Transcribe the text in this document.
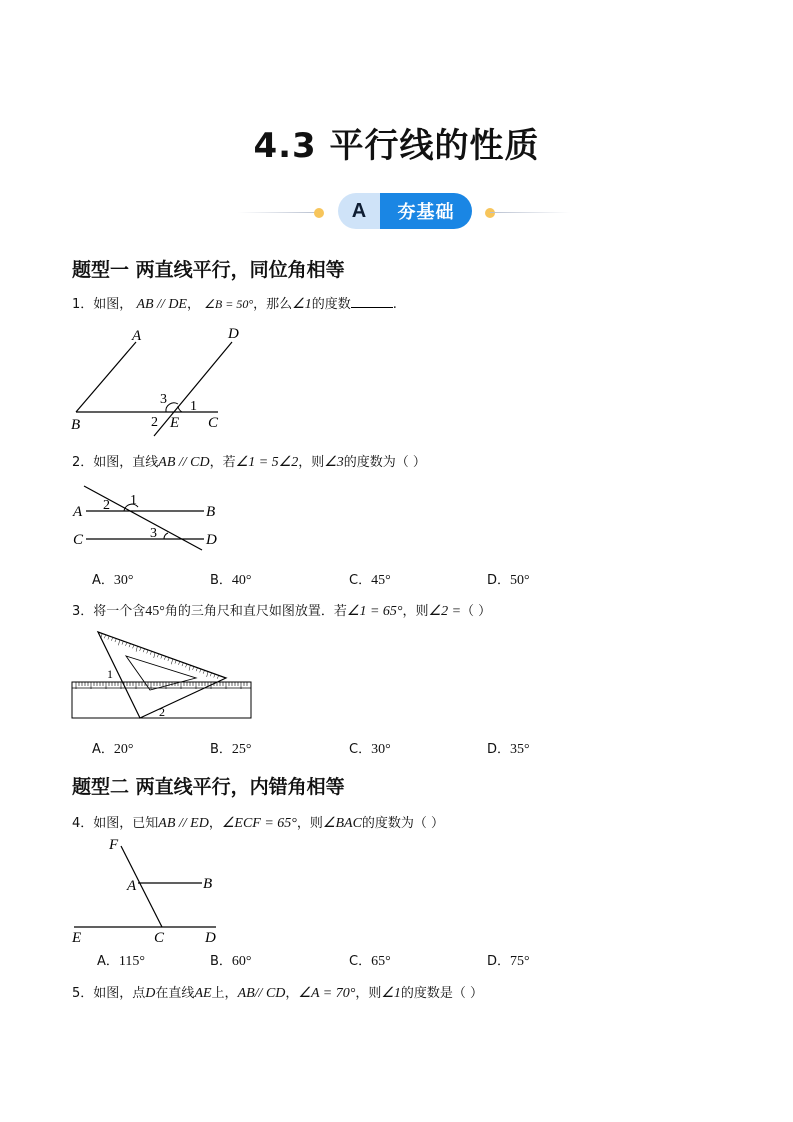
4.3 平行线的性质
A	夯基础
题型一 两直线平行，同位角相等
1．如图， AB // DE， ∠B = 50°，那么∠1的度数	.
A	D
B	E C
1
2
3
2．如图，直线AB // CD，若∠1 = 5∠2，则∠3的度数为（ ）
A	B
C	D
1
2
3
A．30°	B．40°	C．45°	D．50°
3．将一个含45°角的三角尺和直尺如图放置．若∠1 = 65°，则∠2 =（ ）
1
2
A．20°	B．25°	C．30°	D．35°
题型二 两直线平行，内错角相等
4．如图，已知AB // ED，∠ECF = 65°，则∠BAC的度数为（ ）
F
A	B
E	C	D
A．115°	B．60°	C．65°	D．75°
5．如图，点D在直线AE上，AB// CD，∠A = 70°，则∠1的度数是（ ）
